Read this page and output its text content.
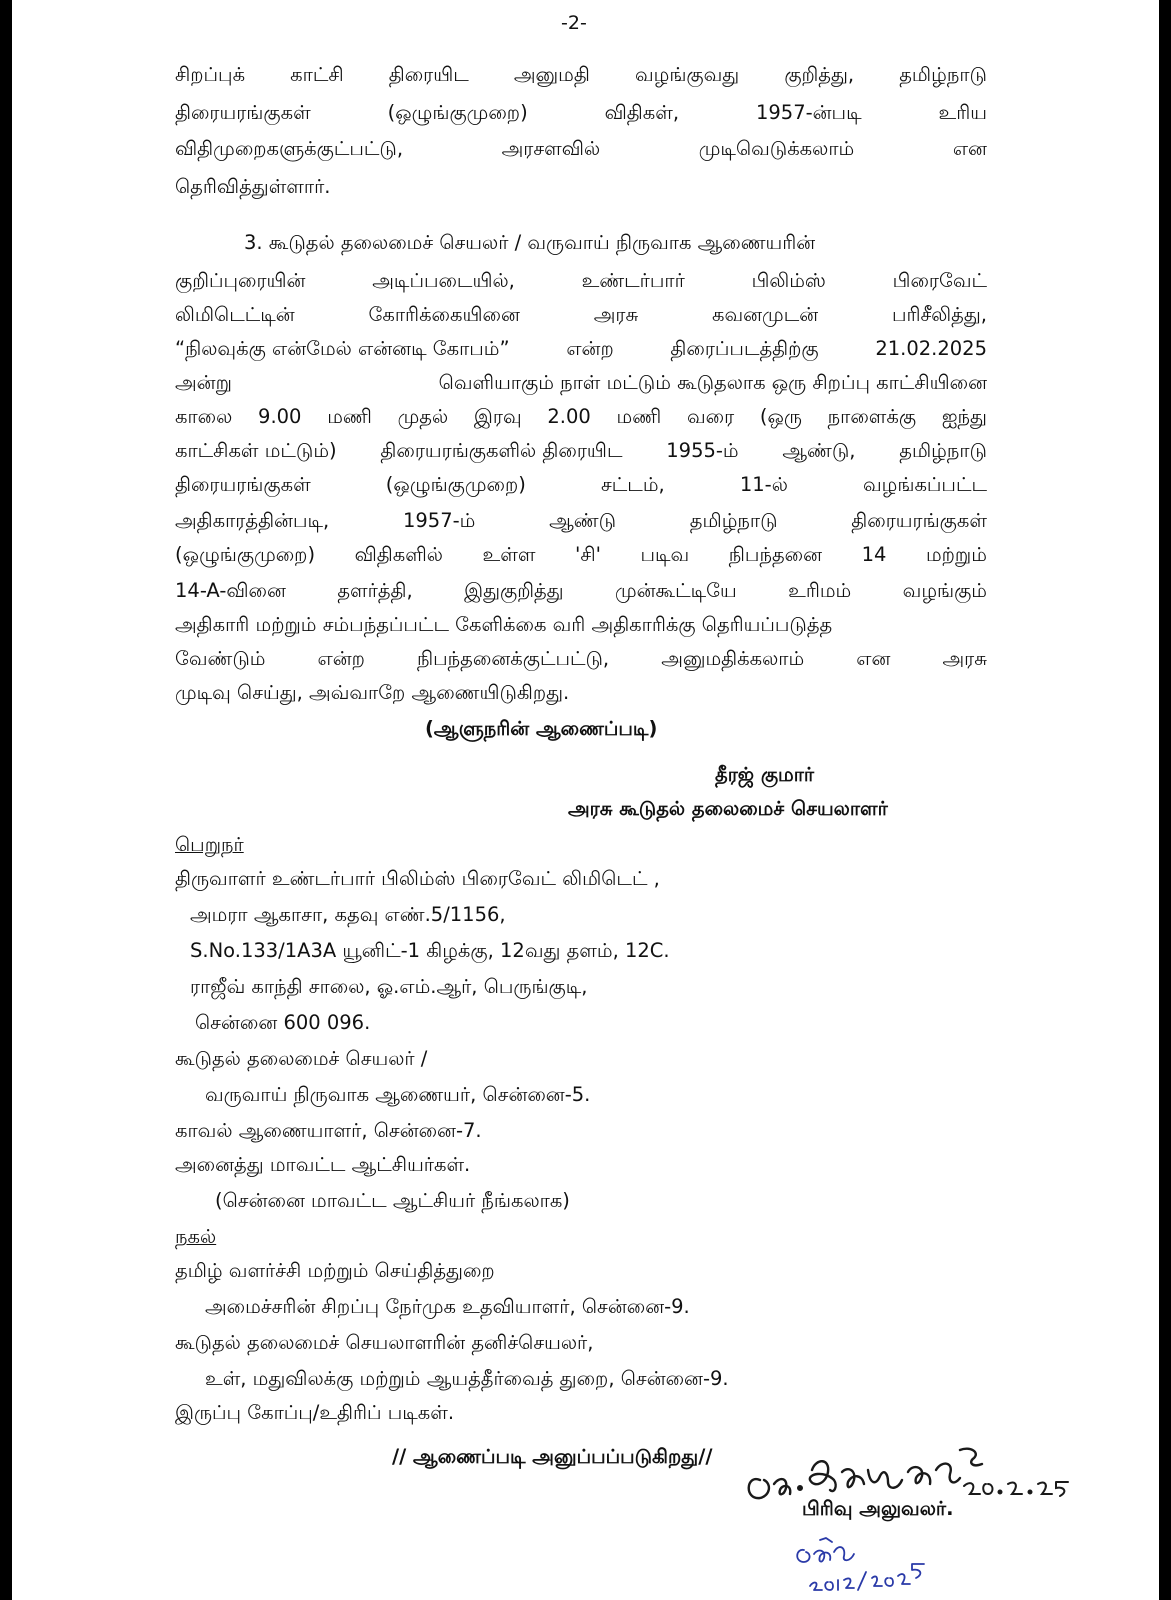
-2-
சிறப்புக் காட்சி திரையிட அனுமதி வழங்குவது குறித்து, தமிழ்நாடு
திரையரங்குகள்	(ஒழுங்குமுறை)	விதிகள்,	1957-ன்படி	உரிய
விதிமுறைகளுக்குட்பட்டு,	அரசளவில்	முடிவெடுக்கலாம்	என
தெரிவித்துள்ளார்.
3. கூடுதல் தலைமைச் செயலர் / வருவாய் நிருவாக ஆணையரின்
குறிப்புரையின்	அடிப்படையில்,	உண்டர்பார்	பிலிம்ஸ்	பிரைவேட்
லிமிடெட்டின்	கோரிக்கையினை	அரசு	கவனமுடன்	பரிசீலித்து,
“நிலவுக்கு என்மேல் என்னடி கோபம்”	என்ற	திரைப்படத்திற்கு	21.02.2025
அன்று	வெளியாகும் நாள் மட்டும் கூடுதலாக ஒரு சிறப்பு காட்சியினை
காலை 9.00 மணி முதல் இரவு 2.00 மணி வரை (ஒரு நாளைக்கு ஐந்து
காட்சிகள் மட்டும்) திரையரங்குகளில் திரையிட 1955-ம் ஆண்டு, தமிழ்நாடு
திரையரங்குகள்	(ஒழுங்குமுறை)	சட்டம்,	11-ல்	வழங்கப்பட்ட
அதிகாரத்தின்படி,	1957-ம்	ஆண்டு	தமிழ்நாடு	திரையரங்குகள்
(ஒழுங்குமுறை) விதிகளில் உள்ள 'சி' படிவ நிபந்தனை 14 மற்றும்
14-A-வினை	தளர்த்தி,	இதுகுறித்து	முன்கூட்டியே	உரிமம்	வழங்கும்
அதிகாரி மற்றும் சம்பந்தப்பட்ட கேளிக்கை வரி அதிகாரிக்கு தெரியப்படுத்த
வேண்டும்	என்ற	நிபந்தனைக்குட்பட்டு,	அனுமதிக்கலாம்	என	அரசு
முடிவு செய்து, அவ்வாறே ஆணையிடுகிறது.
(ஆளுநரின் ஆணைப்படி)
தீரஜ் குமார்
அரசு கூடுதல் தலைமைச் செயலாளர்
பெறுநர்
திருவாளர் உண்டர்பார் பிலிம்ஸ் பிரைவேட் லிமிடெட் ,
அமரா ஆகாசா, கதவு எண்.5/1156,
S.No.133/1A3A யூனிட்-1 கிழக்கு, 12வது தளம், 12C.
ராஜீவ் காந்தி சாலை, ஓ.எம்.ஆர், பெருங்குடி,
சென்னை 600 096.
கூடுதல் தலைமைச் செயலர் /
வருவாய் நிருவாக ஆணையர், சென்னை-5.
காவல் ஆணையாளர், சென்னை-7.
அனைத்து மாவட்ட ஆட்சியர்கள்.
(சென்னை மாவட்ட ஆட்சியர் நீங்கலாக)
நகல்
தமிழ் வளர்ச்சி மற்றும் செய்தித்துறை
அமைச்சரின் சிறப்பு நேர்முக உதவியாளர், சென்னை-9.
கூடுதல் தலைமைச் செயலாளரின் தனிச்செயலர்,
உள், மதுவிலக்கு மற்றும் ஆயத்தீர்வைத் துறை, சென்னை-9.
இருப்பு கோப்பு/உதிரிப் படிகள்.
// ஆணைப்படி அனுப்பப்படுகிறது//
பிரிவு அலுவலர்.	20.2.25
20/2/2025
